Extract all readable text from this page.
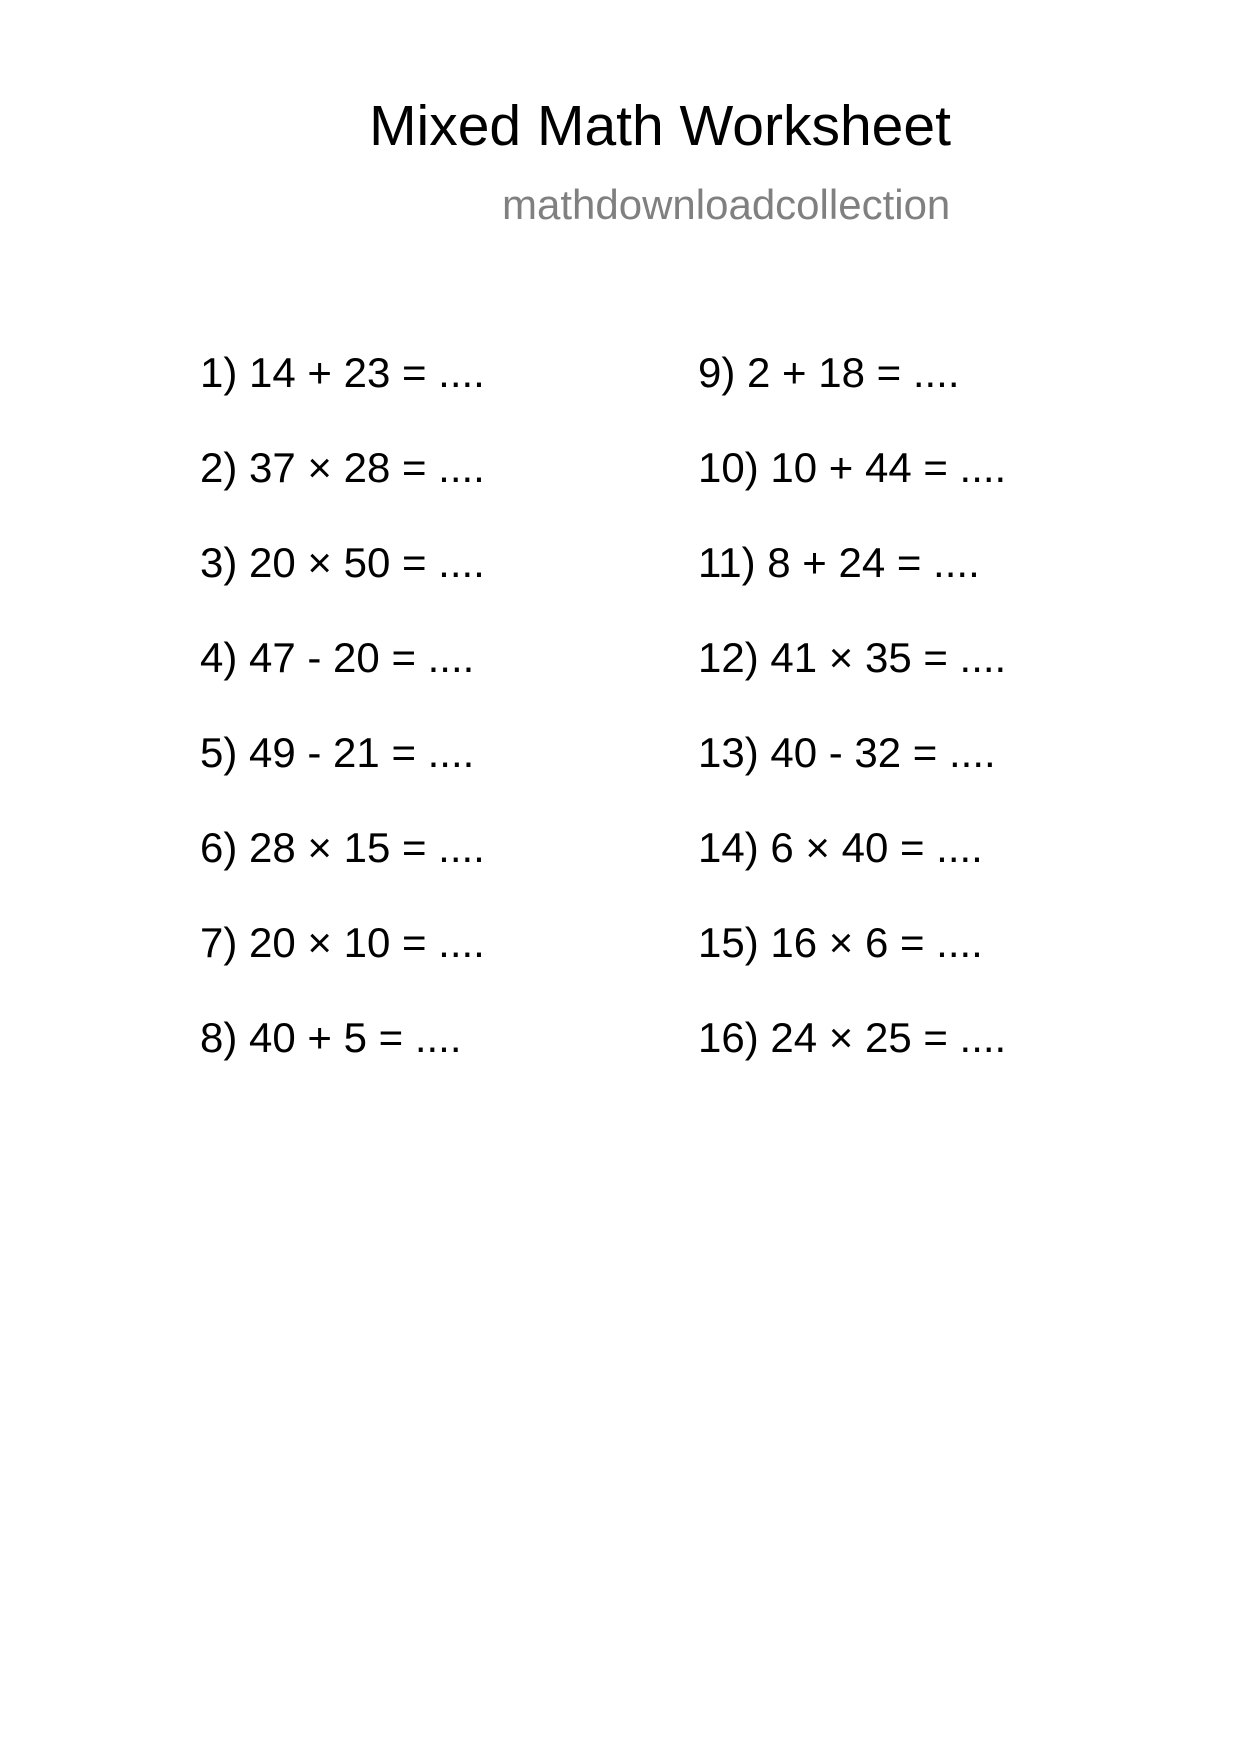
Mixed Math Worksheet
mathdownloadcollection
1) 14 + 23 = ....
2) 37 × 28 = ....
3) 20 × 50 = ....
4) 47 - 20 = ....
5) 49 - 21 = ....
6) 28 × 15 = ....
7) 20 × 10 = ....
8) 40 + 5 = ....
9) 2 + 18 = ....
10) 10 + 44 = ....
11) 8 + 24 = ....
12) 41 × 35 = ....
13) 40 - 32 = ....
14) 6 × 40 = ....
15) 16 × 6 = ....
16) 24 × 25 = ....
